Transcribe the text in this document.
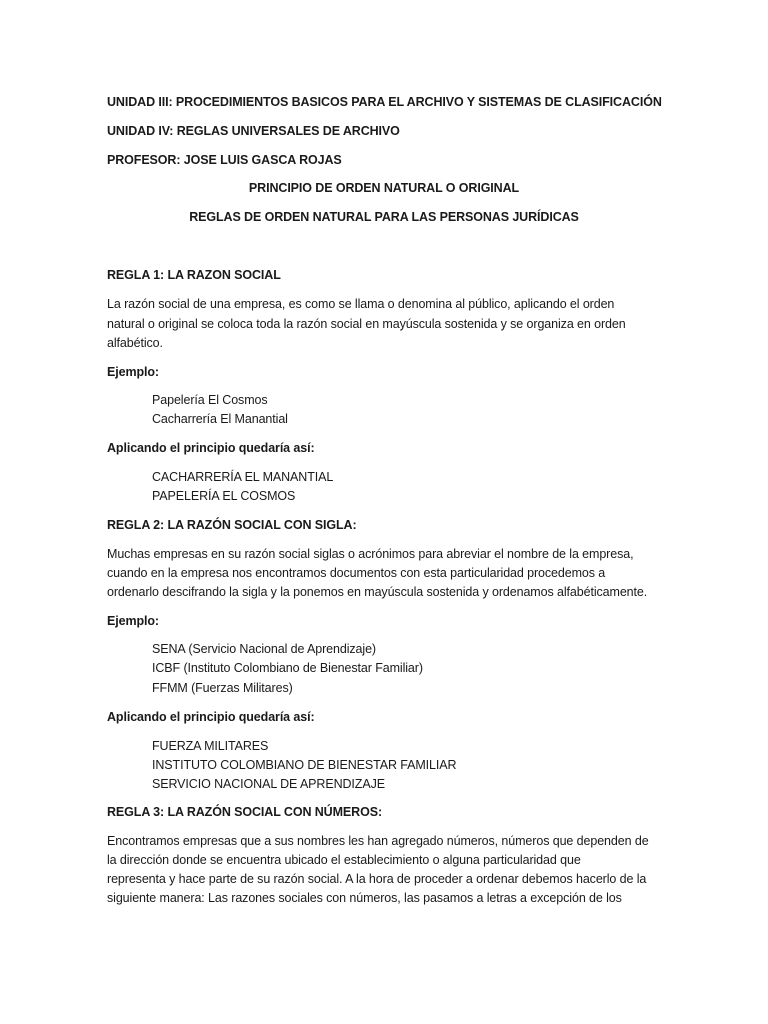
UNIDAD III: PROCEDIMIENTOS BASICOS PARA EL ARCHIVO Y SISTEMAS DE CLASIFICACIÓN
UNIDAD IV: REGLAS UNIVERSALES DE ARCHIVO
PROFESOR: JOSE LUIS GASCA ROJAS
PRINCIPIO DE ORDEN NATURAL O ORIGINAL
REGLAS DE ORDEN NATURAL PARA LAS PERSONAS JURÍDICAS
REGLA 1: LA RAZON SOCIAL
La razón social de una empresa, es como se llama o denomina al público, aplicando el orden
natural o original se coloca toda la razón social en mayúscula sostenida y se organiza en orden
alfabético.
Ejemplo:
Papelería El Cosmos
Cacharrería El Manantial
Aplicando el principio quedaría así:
CACHARRERÍA EL MANANTIAL
PAPELERÍA EL COSMOS
REGLA 2: LA RAZÓN SOCIAL CON SIGLA:
Muchas empresas en su razón social siglas o acrónimos para abreviar el nombre de la empresa,
cuando en la empresa nos encontramos documentos con esta particularidad procedemos a
ordenarlo descifrando la sigla y la ponemos en mayúscula sostenida y ordenamos alfabéticamente.
Ejemplo:
SENA (Servicio Nacional de Aprendizaje)
ICBF (Instituto Colombiano de Bienestar Familiar)
FFMM (Fuerzas Militares)
Aplicando el principio quedaría así:
FUERZA MILITARES
INSTITUTO COLOMBIANO DE BIENESTAR FAMILIAR
SERVICIO NACIONAL DE APRENDIZAJE
REGLA 3: LA RAZÓN SOCIAL CON NÚMEROS:
Encontramos empresas que a sus nombres les han agregado números, números que dependen de
la dirección donde se encuentra ubicado el establecimiento o alguna particularidad que
representa y hace parte de su razón social. A la hora de proceder a ordenar debemos hacerlo de la
siguiente manera: Las razones sociales con números, las pasamos a letras a excepción de los
